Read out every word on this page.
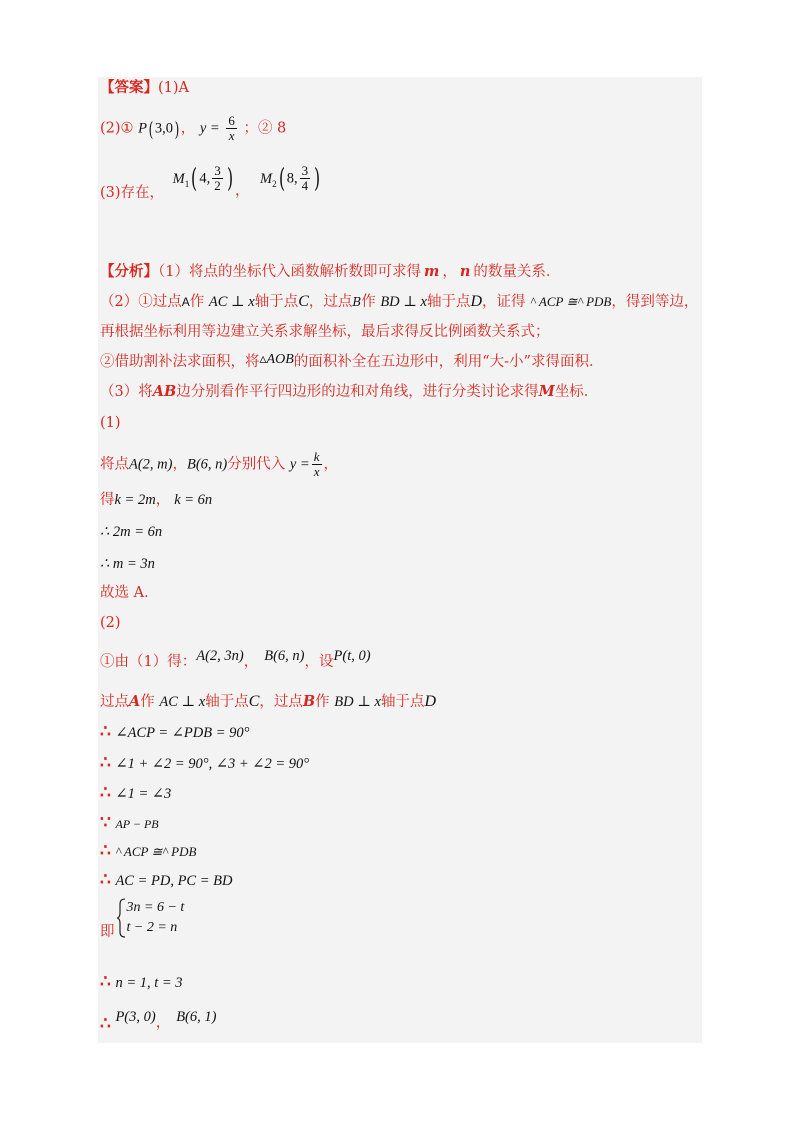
【答案】(1)A
(2)① P( 3,0) ， $y = \frac{6}{x}$ ；② 8
(3)存在， $M_1$( 4, $\frac{3}{2}$ ) ， $M_2$( 8, $\frac{3}{4}$ )
【分析】（1）将点的坐标代入函数解析数即可求得 m ， n 的数量关系．
（2）①过点A作 AC ⊥ x轴于点C，过点B作 BD ⊥ x轴于点D，证得 ^ ACP ≅^ PDB，得到等边，
再根据坐标利用等边建立关系求解坐标，最后求得反比例函数关系式；
②借助割补法求面积，将▵AOB的面积补全在五边形中，利用“大-小”求得面积．
（3）将AB边分别看作平行四边形的边和对角线，进行分类讨论求得M坐标．
(1)
将点A(2, m)，B(6, n)分别代入 $y = \frac{k}{x}$ ，
得k = 2m， k = 6n
∴ 2m = 6n
∴ m = 3n
故选 A．
(2)
①由（1）得：A(2, 3n)， B(6, n)，设P(t, 0)
过点A作 AC ⊥ x轴于点C，过点B作 BD ⊥ x轴于点D
∴ ∠ACP = ∠PDB = 90°
∴ ∠1 + ∠2 = 90°, ∠3 + ∠2 = 90°
∴ ∠1 = ∠3
∵ AP − PB
∴ ^ ACP ≅^ PDB
∴ AC = PD, PC = BD
即
3n = 6 − t
t − 2 = n
∴ n = 1, t = 3
∴ P(3, 0)， B(6, 1)
